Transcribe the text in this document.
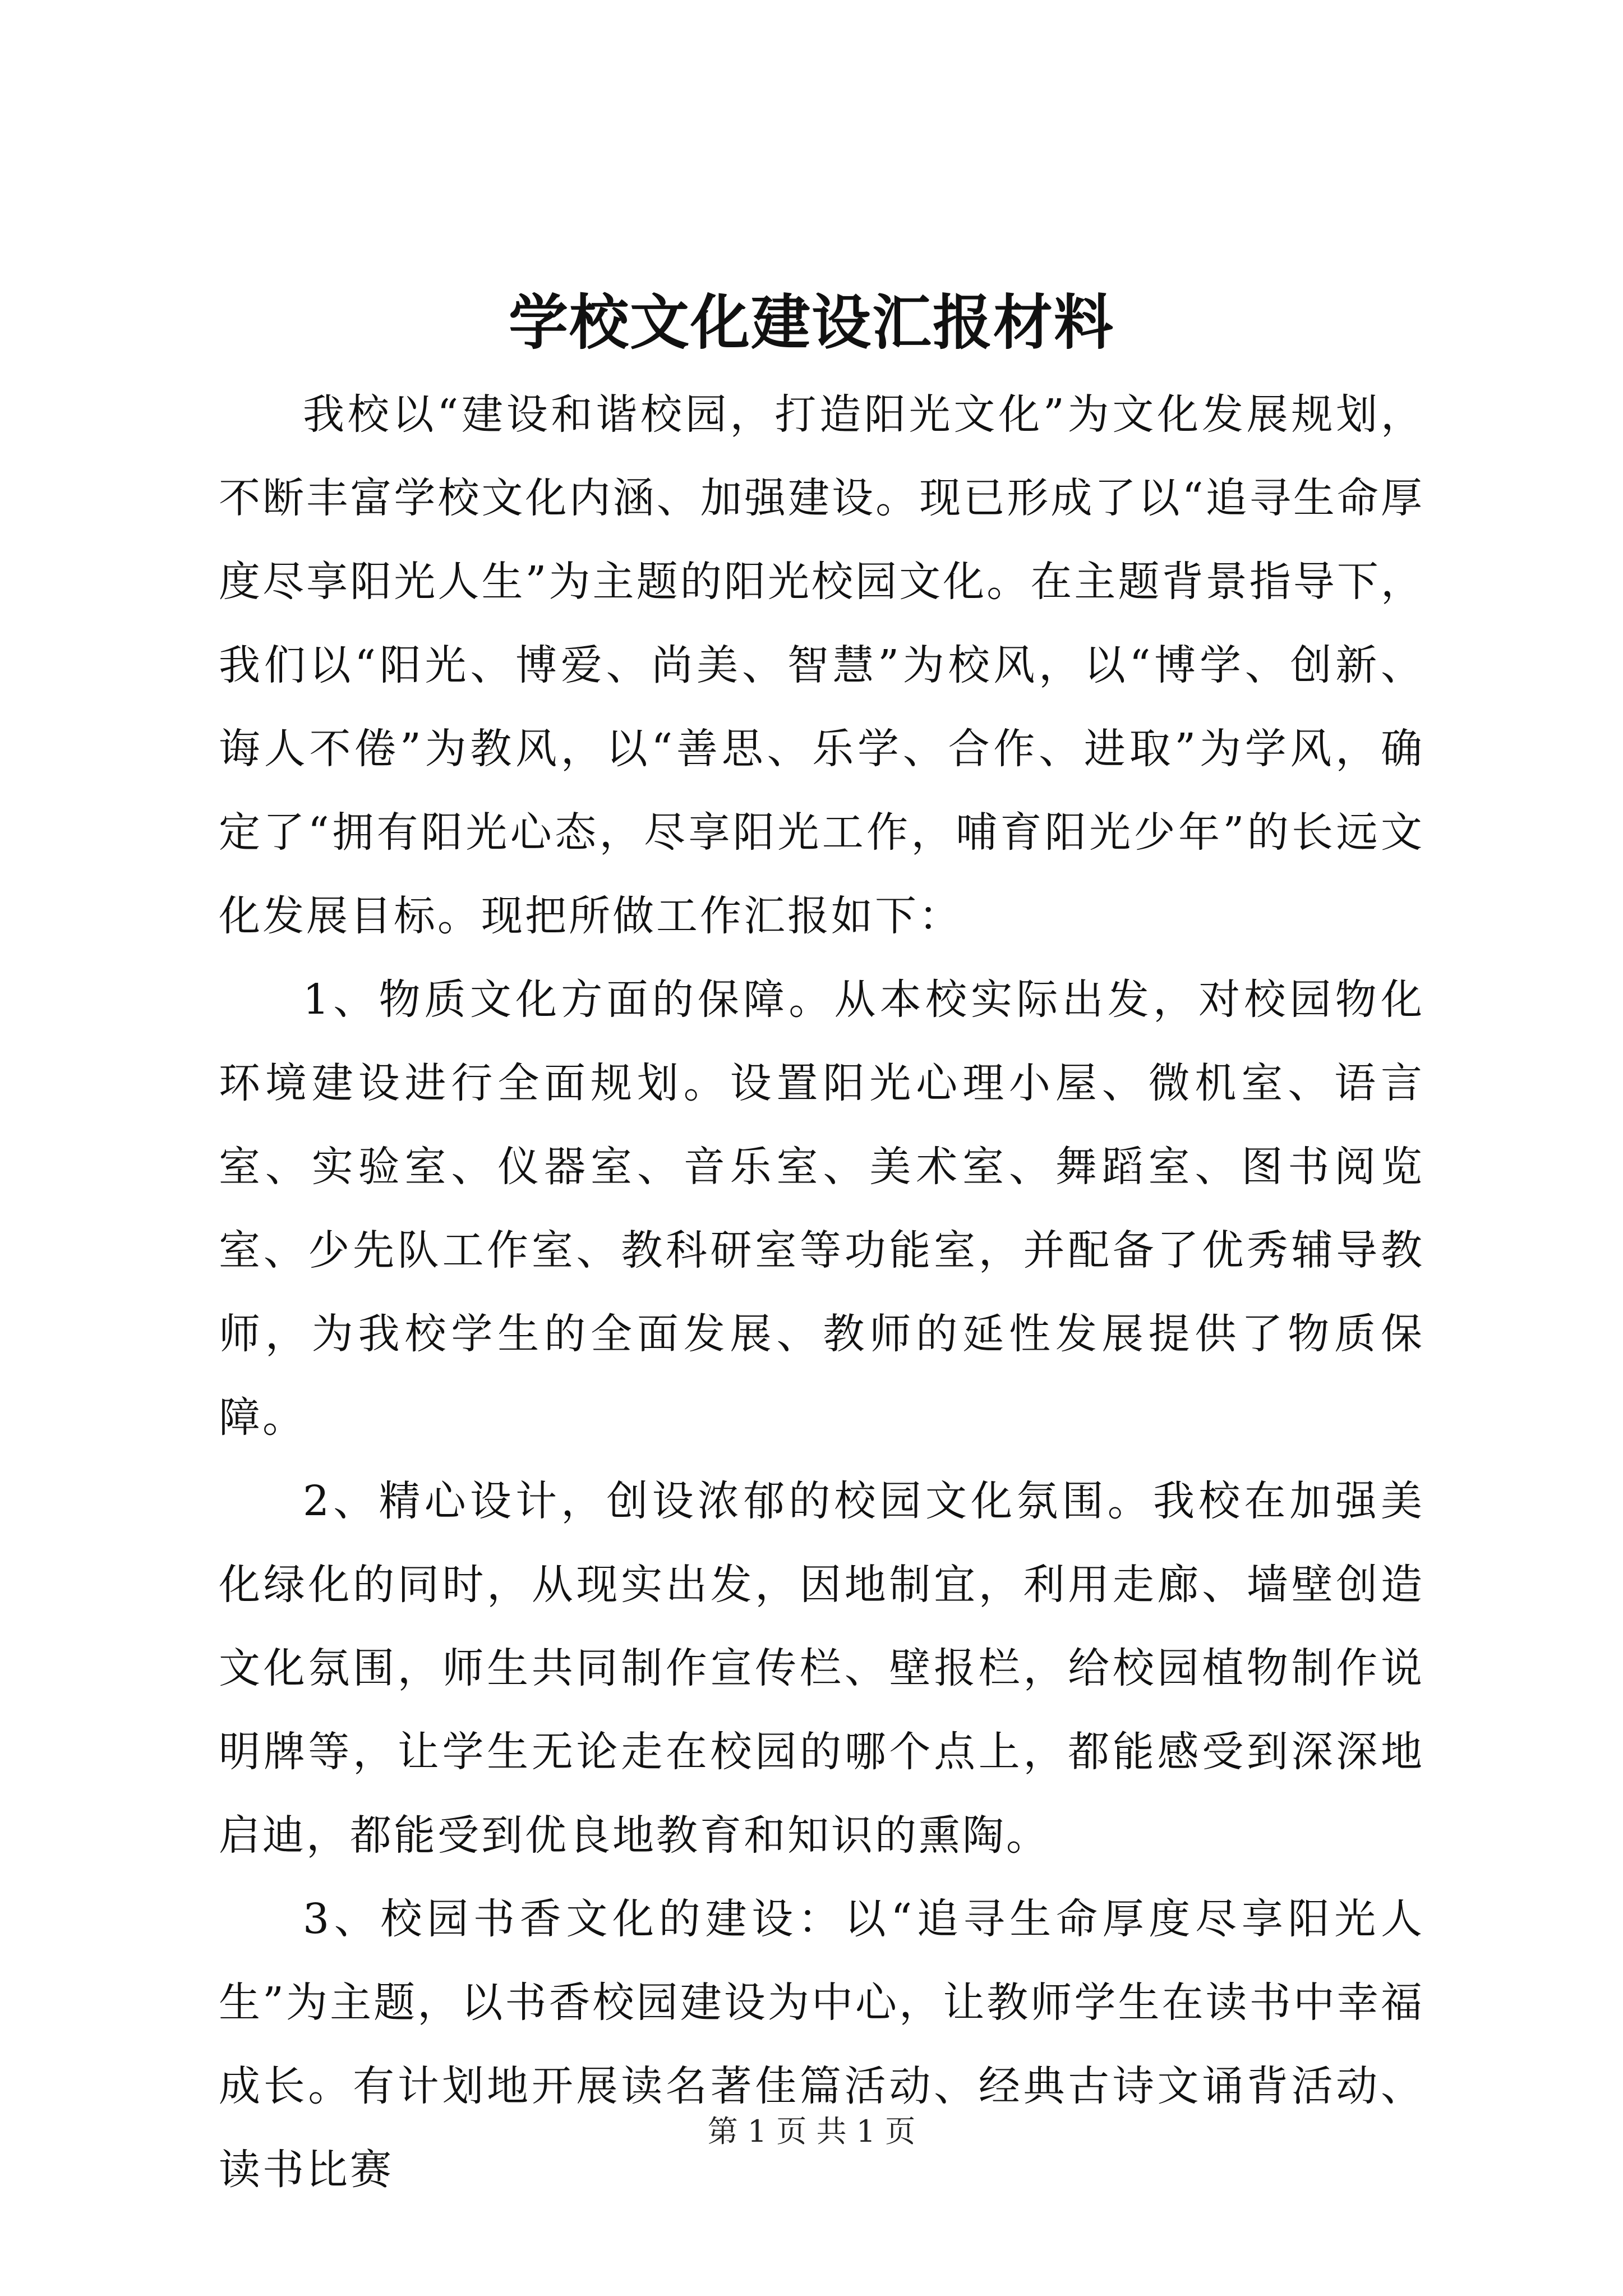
学校文化建设汇报材料

我校以“建设和谐校园，打造阳光文化”为文化发展规划，不断丰富学校文化内涵、加强建设。现已形成了以“追寻生命厚度尽享阳光人生”为主题的阳光校园文化。在主题背景指导下，我们以“阳光、博爱、尚美、智慧”为校风，以“博学、创新、诲人不倦”为教风，以“善思、乐学、合作、进取”为学风，确定了“拥有阳光心态，尽享阳光工作，哺育阳光少年”的长远文化发展目标。现把所做工作汇报如下：

1、物质文化方面的保障。从本校实际出发，对校园物化环境建设进行全面规划。设置阳光心理小屋、微机室、语言室、实验室、仪器室、音乐室、美术室、舞蹈室、图书阅览室、少先队工作室、教科研室等功能室，并配备了优秀辅导教师，为我校学生的全面发展、教师的延性发展提供了物质保障。

2、精心设计，创设浓郁的校园文化氛围。我校在加强美化绿化的同时，从现实出发，因地制宜，利用走廊、墙壁创造文化氛围，师生共同制作宣传栏、壁报栏，给校园植物制作说明牌等，让学生无论走在校园的哪个点上，都能感受到深深地启迪，都能受到优良地教育和知识的熏陶。

3、校园书香文化的建设：以“追寻生命厚度尽享阳光人生”为主题，以书香校园建设为中心，让教师学生在读书中幸福成长。有计划地开展读名著佳篇活动、经典古诗文诵背活动、读书比赛

第 1 页 共 1 页
